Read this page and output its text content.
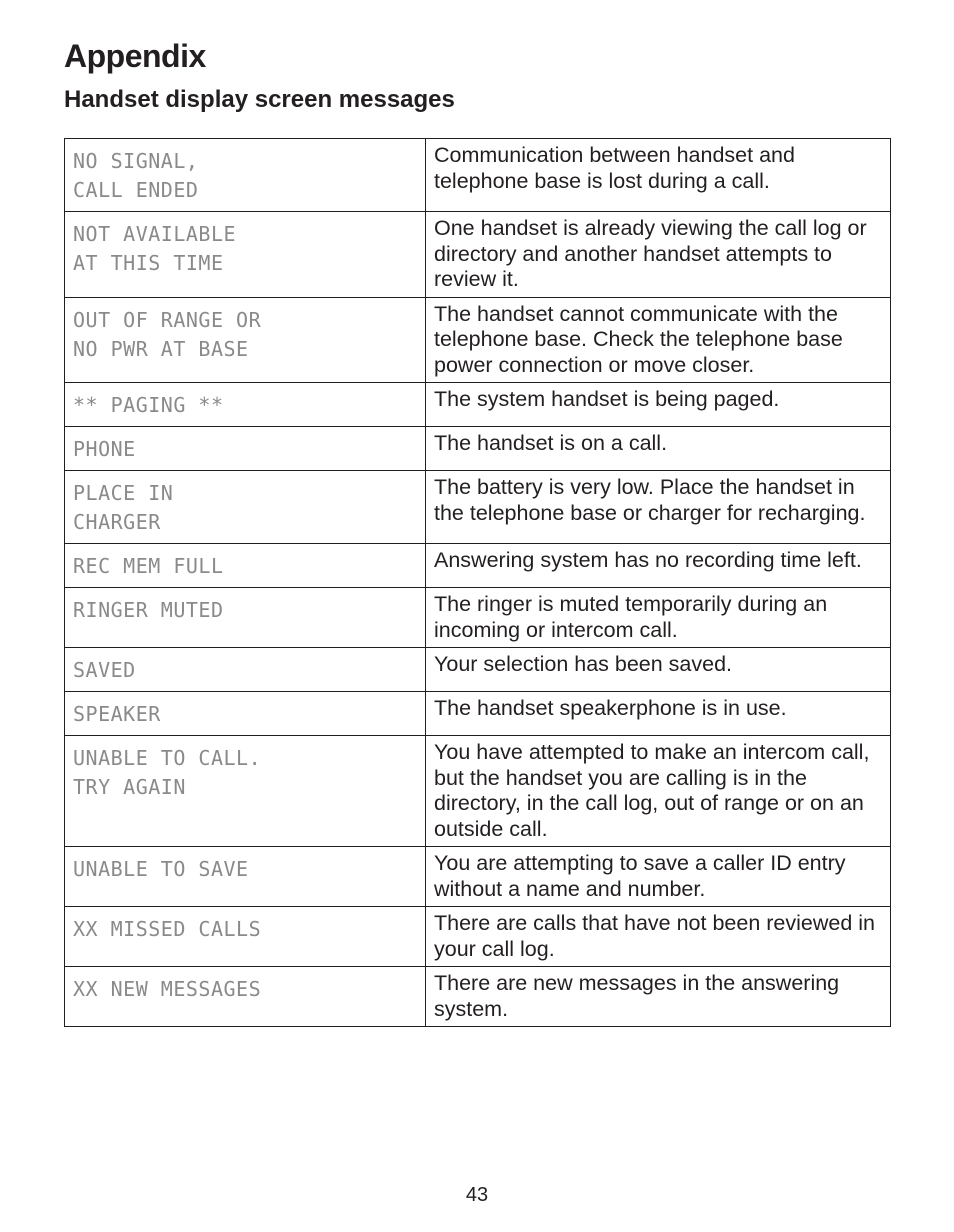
Appendix
Handset display screen messages
NO SIGNAL,
CALL ENDED	Communication between handset and telephone base is lost during a call.

NOT AVAILABLE
AT THIS TIME	One handset is already viewing the call log or directory and another handset attempts to review it.

OUT OF RANGE OR
NO PWR AT BASE	The handset cannot communicate with the telephone base. Check the telephone base power connection or move closer.

** PAGING **	The system handset is being paged.

PHONE	The handset is on a call.

PLACE IN
CHARGER	The battery is very low. Place the handset in the telephone base or charger for recharging.

REC MEM FULL	Answering system has no recording time left.

RINGER MUTED	The ringer is muted temporarily during an incoming or intercom call.

SAVED	Your selection has been saved.

SPEAKER	The handset speakerphone is in use.

UNABLE TO CALL.
TRY AGAIN	You have attempted to make an intercom call, but the handset you are calling is in the directory, in the call log, out of range or on an outside call.

UNABLE TO SAVE	You are attempting to save a caller ID entry without a name and number.

XX MISSED CALLS	There are calls that have not been reviewed in your call log.

XX NEW MESSAGES	There are new messages in the answering system.
43
